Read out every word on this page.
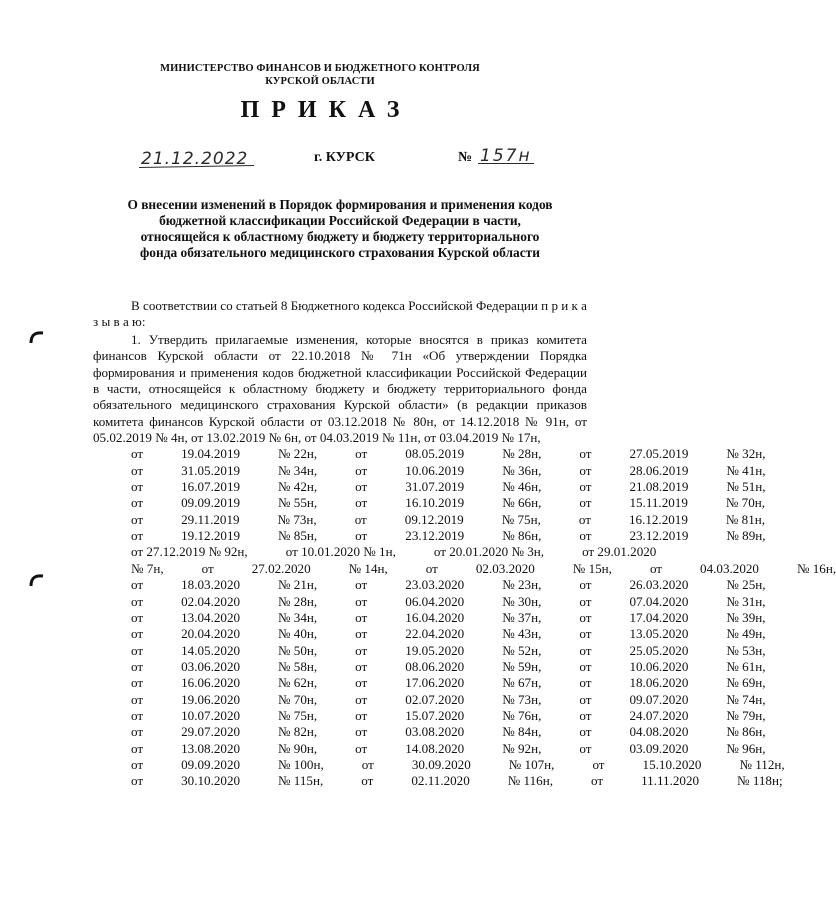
МИНИСТЕРСТВО ФИНАНСОВ И БЮДЖЕТНОГО КОНТРОЛЯ
КУРСКОЙ ОБЛАСТИ
ПРИКАЗ
21.12.2022	г. КУРСК	№ 157н
О внесении изменений в Порядок формирования и применения кодов
бюджетной классификации Российской Федерации в части,
относящейся к областному бюджету и бюджету территориального
фонда обязательного медицинского страхования Курской области

В соответствии со статьей 8 Бюджетного кодекса Российской Федерации п р и к а з ы в а ю:

1. Утвердить прилагаемые изменения, которые вносятся в приказ комитета финансов Курской области от 22.10.2018 № 71н «Об утверждении Порядка формирования и применения кодов бюджетной классификации Российской Федерации в части, относящейся к областному бюджету и бюджету территориального фонда обязательного медицинского страхования Курской области» (в редакции приказов комитета финансов Курской области от 03.12.2018 № 80н, от 14.12.2018 № 91н, от 05.02.2019 № 4н, от 13.02.2019 № 6н, от 04.03.2019 № 11н, от 03.04.2019 № 17н,

от	19.04.2019	№ 22н,	от	08.05.2019	№ 28н,	от	27.05.2019	№ 32н,
от	31.05.2019	№ 34н,	от	10.06.2019	№ 36н,	от	28.06.2019	№ 41н,
от	16.07.2019	№ 42н,	от	31.07.2019	№ 46н,	от	21.08.2019	№ 51н,
от	09.09.2019	№ 55н,	от	16.10.2019	№ 66н,	от	15.11.2019	№ 70н,
от	29.11.2019	№ 73н,	от	09.12.2019	№ 75н,	от	16.12.2019	№ 81н,
от	19.12.2019	№ 85н,	от	23.12.2019	№ 86н,	от	23.12.2019	№ 89н,
от 27.12.2019 № 92н,	от 10.01.2020 № 1н,	от 20.01.2020 № 3н,	от 29.01.2020
№ 7н,	от	27.02.2020	№ 14н,	от	02.03.2020	№ 15н,	от	04.03.2020	№ 16н,
от	18.03.2020	№ 21н,	от	23.03.2020	№ 23н,	от	26.03.2020	№ 25н,
от	02.04.2020	№ 28н,	от	06.04.2020	№ 30н,	от	07.04.2020	№ 31н,
от	13.04.2020	№ 34н,	от	16.04.2020	№ 37н,	от	17.04.2020	№ 39н,
от	20.04.2020	№ 40н,	от	22.04.2020	№ 43н,	от	13.05.2020	№ 49н,
от	14.05.2020	№ 50н,	от	19.05.2020	№ 52н,	от	25.05.2020	№ 53н,
от	03.06.2020	№ 58н,	от	08.06.2020	№ 59н,	от	10.06.2020	№ 61н,
от	16.06.2020	№ 62н,	от	17.06.2020	№ 67н,	от	18.06.2020	№ 69н,
от	19.06.2020	№ 70н,	от	02.07.2020	№ 73н,	от	09.07.2020	№ 74н,
от	10.07.2020	№ 75н,	от	15.07.2020	№ 76н,	от	24.07.2020	№ 79н,
от	29.07.2020	№ 82н,	от	03.08.2020	№ 84н,	от	04.08.2020	№ 86н,
от	13.08.2020	№ 90н,	от	14.08.2020	№ 92н,	от	03.09.2020	№ 96н,
от	09.09.2020	№ 100н,	от	30.09.2020	№ 107н,	от	15.10.2020	№ 112н,
от	30.10.2020	№ 115н,	от	02.11.2020	№ 116н,	от	11.11.2020	№ 118н;
